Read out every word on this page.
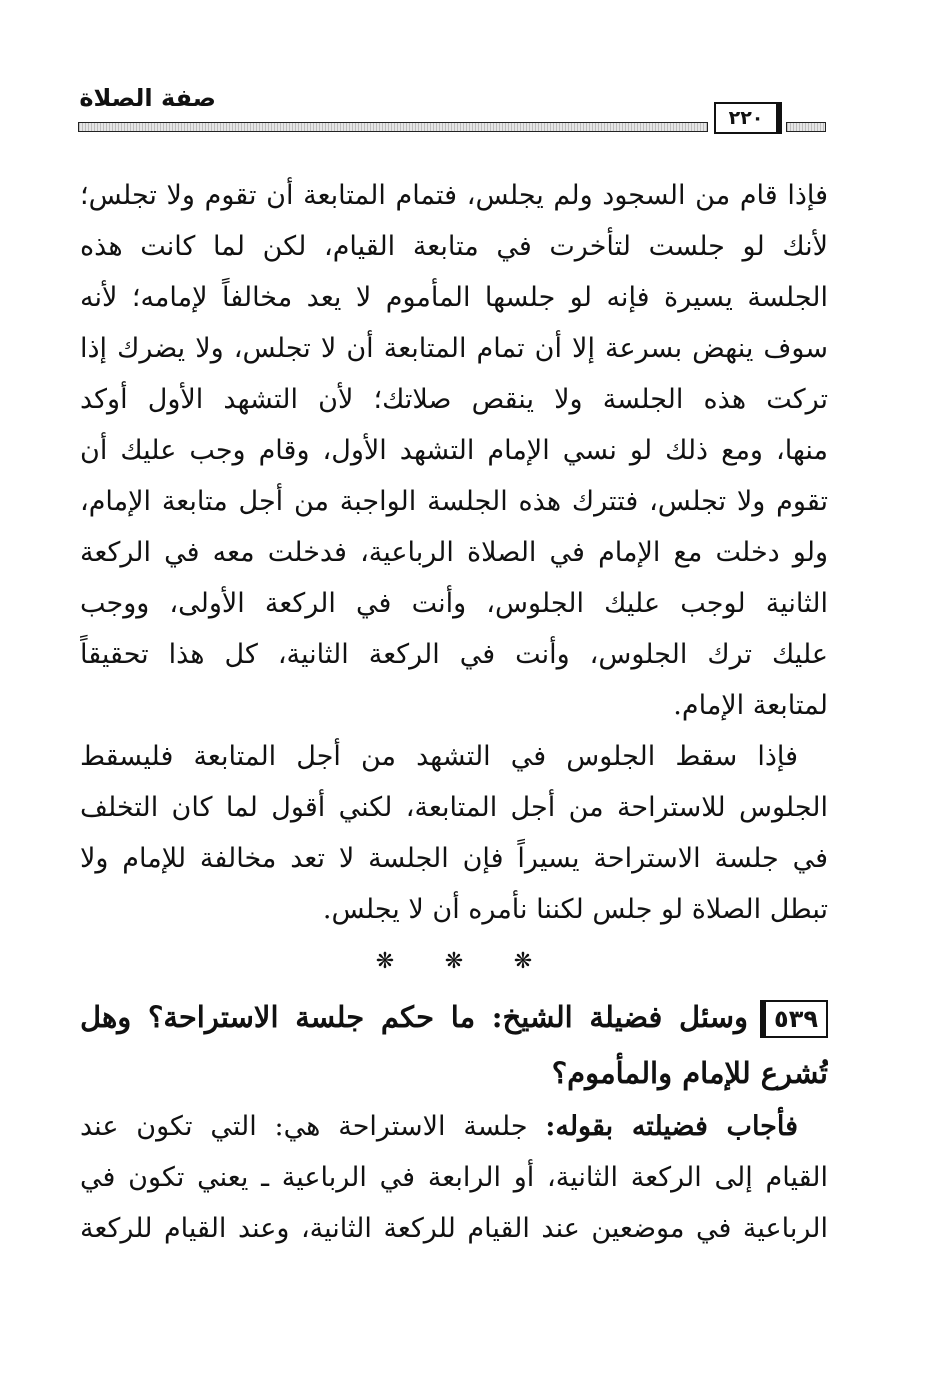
صفة الصلاة
٢٢٠
فإذا قام من السجود ولم يجلس، فتمام المتابعة أن تقوم ولا تجلس؛
لأنك لو جلست لتأخرت في متابعة القيام، لكن لما كانت هذه
الجلسة يسيرة فإنه لو جلسها المأموم لا يعد مخالفاً لإمامه؛ لأنه
سوف ينهض بسرعة إلا أن تمام المتابعة أن لا تجلس، ولا يضرك إذا
تركت هذه الجلسة ولا ينقص صلاتك؛ لأن التشهد الأول أوكد
منها، ومع ذلك لو نسي الإمام التشهد الأول، وقام وجب عليك أن
تقوم ولا تجلس، فتترك هذه الجلسة الواجبة من أجل متابعة الإمام،
ولو دخلت مع الإمام في الصلاة الرباعية، فدخلت معه في الركعة
الثانية لوجب عليك الجلوس، وأنت في الركعة الأولى، ووجب
عليك ترك الجلوس، وأنت في الركعة الثانية، كل هذا تحقيقاً
لمتابعة الإمام.
فإذا سقط الجلوس في التشهد من أجل المتابعة فليسقط
الجلوس للاستراحة من أجل المتابعة، لكني أقول لما كان التخلف
في جلسة الاستراحة يسيراً فإن الجلسة لا تعد مخالفة للإمام ولا
تبطل الصلاة لو جلس لكننا نأمره أن لا يجلس.
❋ ❋ ❋
٥٣٩وسئل فضيلة الشيخ: ما حكم جلسة الاستراحة؟ وهل
تُشرع للإمام والمأموم؟
فأجاب فضيلته بقوله: جلسة الاستراحة هي: التي تكون عند
القيام إلى الركعة الثانية، أو الرابعة في الرباعية ـ يعني تكون في
الرباعية في موضعين عند القيام للركعة الثانية، وعند القيام للركعة
